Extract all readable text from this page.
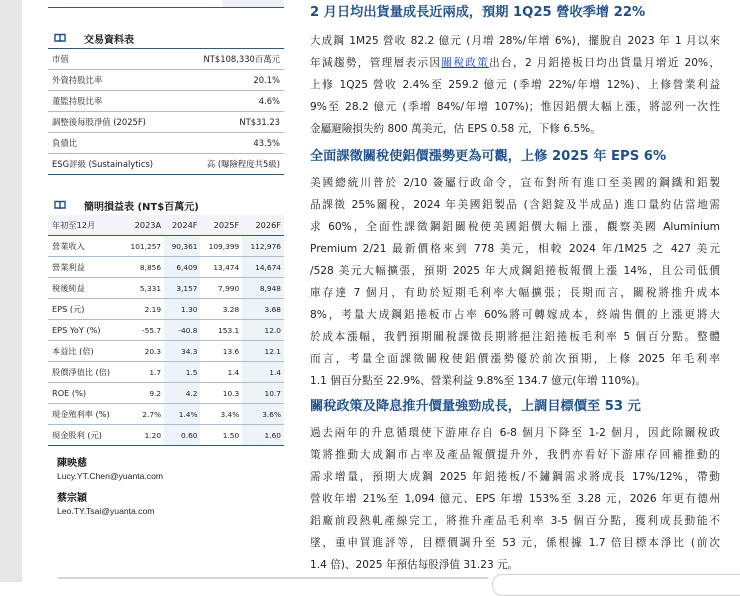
交易資料表
市值	NT$108,330百萬元
外資持股比率	20.1%
董監持股比率	4.6%
調整後每股淨值 (2025F)	NT$31.23
負債比	43.5%
ESG評級 (Sustainalytics)	高 (曝險程度共5級)
簡明損益表 (NT$百萬元)
年初至12月	2023A	2024F	2025F	2026F
營業收入	101,257	90,361	109,399	112,976
營業利益	8,856	6,409	13,474	14,674
稅後純益	5,331	3,157	7,990	8,948
EPS (元)	2.19	1.30	3.28	3.68
EPS YoY (%)	-55.7	-40.8	153.1	12.0
本益比 (倍)	20.3	34.3	13.6	12.1
股價淨值比 (倍)	1.7	1.5	1.4	1.4
ROE (%)	9.2	4.2	10.3	10.7
現金殖利率 (%)	2.7%	1.4%	3.4%	3.6%
現金股利 (元)	1.20	0.60	1.50	1.60
陳映慈
Lucy.YT.Chen@yuanta.com
蔡宗穎
Leo.TY.Tsai@yuanta.com
2 月日均出貨量成長近兩成，預期 1Q25 營收季增 22%
大成鋼 1M25 營收 82.2 億元 (月增 28%/年增 6%)，擺脫自 2023 年 1 月以來
年減趨勢，管理層表示因關稅政策出台，2 月鋁捲板日均出貨量月增近 20%，
上修 1Q25 營收 2.4%至 259.2 億元 (季增 22%/年增 12%)、上修營業利益
9%至 28.2 億元 (季增 84%/年增 107%)；惟因鋁價大幅上漲，將認列一次性
金屬避險損失約 800 萬美元，估 EPS 0.58 元，下修 6.5%。
全面課徵關稅使鋁價漲勢更為可觀，上修 2025 年 EPS 6%
美國總統川普於 2/10 簽屬行政命令，宣布對所有進口至美國的鋼鐵和鋁製
品課徵 25%關稅，2024 年美國鋁製品 (含鋁錠及半成品) 進口量約佔當地需
求 60%，全面性課徵鋼鋁關稅使美國鋁價大幅上漲，觀察美國 Aluminium
Premium 2/21 最新價格來到 778 美元，相較 2024 年/1M25 之 427 美元
/528 美元大幅擴張，預期 2025 年大成鋼鋁捲板報價上漲 14%，且公司低價
庫存達 7 個月，有助於短期毛利率大幅擴張；長期而言，關稅將推升成本
8%，考量大成鋼鋁捲板市占率 60%將可轉嫁成本，終端售價的上漲更將大
於成本漲幅，我們預期關稅課徵長期將挹注鋁捲板毛利率 5 個百分點。整體
而言，考量全面課徵關稅使鋁價漲勢優於前次預期，上修 2025 年毛利率
1.1 個百分點至 22.9%、營業利益 9.8%至 134.7 億元(年增 110%)。
關稅政策及降息推升價量強勁成長，上調目標價至 53 元
過去兩年的升息循環使下游庫存自 6-8 個月下降至 1-2 個月，因此除關稅政
策將推動大成鋼市占率及產品報價提升外，我們亦看好下游庫存回補推動的
需求增量，預期大成鋼 2025 年鋁捲板/不鏽鋼需求將成長 17%/12%，帶動
營收年增 21%至 1,094 億元、EPS 年增 153%至 3.28 元，2026 年更有德州
鋁廠前段熱軋產線完工，將推升產品毛利率 3-5 個百分點，獲利成長動能不
墜，重申買進評等，目標價調升至 53 元，係根據 1.7 倍目標本淨比 (前次
1.4 倍)、2025 年預估每股淨值 31.23 元。
